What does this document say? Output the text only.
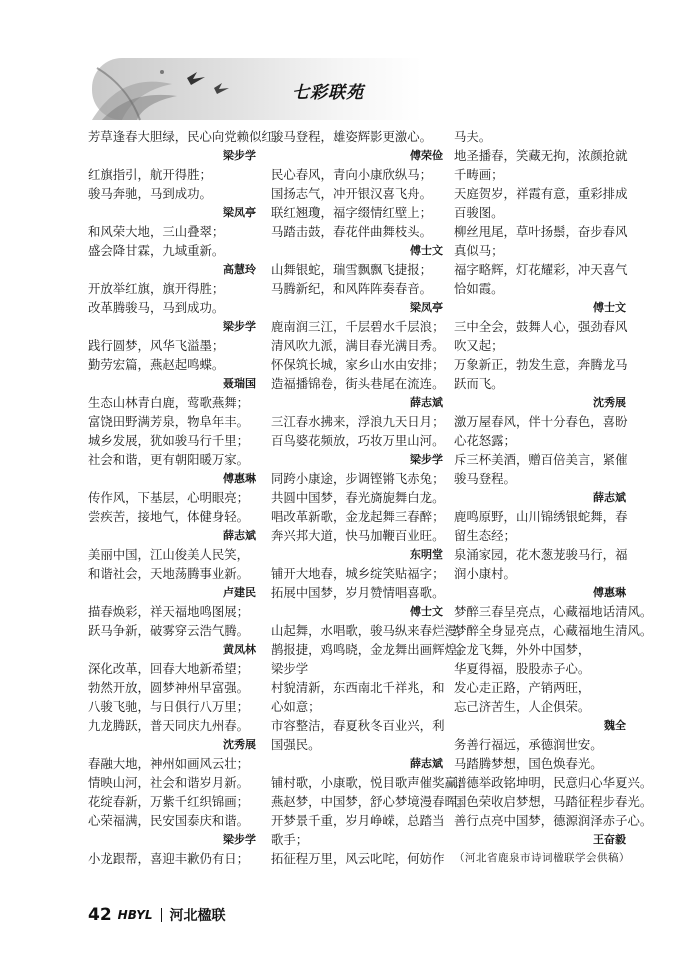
七彩联苑
芳草逢春大胆绿，民心向党赖似红。
梁步学
红旗指引，航开得胜；
骏马奔驰，马到成功。
梁凤亭
和风荣大地，三山叠翠；
盛会降甘霖，九域重新。
高慧玲
开放举红旗，旗开得胜；
改革腾骏马，马到成功。
梁步学
践行圆梦，风华飞溢墨；
勤劳宏篇，燕赵起鸣蝶。
聂瑞国
生态山林青白鹿，莺歌燕舞；
富饶田野满芳泉，物阜年丰。
城乡发展，犹如骏马行千里；
社会和谐，更有朝阳暖万家。
傅惠琳
传作风，下基层，心明眼亮；
尝疾苦，接地气，体健身轻。
薛志斌
美丽中国，江山俊美人民笑，
和谐社会，天地荡腾事业新。
卢建民
描春焕彩，祥天福地鸣图展；
跃马争新，破雾穿云浩气腾。
黄凤林
深化改革，回春大地新希望；
勃然开放，圆梦神州早富强。
八骏飞驰，与日俱行八万里；
九龙腾跃，普天同庆九州春。
沈秀展
春融大地，神州如画风云壮；
情映山河，社会和谐岁月新。
花绽春新，万紫千红织锦画；
心荣福满，民安国泰庆和谐。
梁步学
小龙跟帮，喜迎丰歉仍有日；
骏马登程，雄姿辉影更激心。
傅荣俭
民心春风，青向小康欣纵马；
国扬志气，冲开银汉喜飞舟。
联红翘瓊，福字缀情红壁上；
马踏击鼓，春花伴曲舞枝头。
傅士文
山舞银蛇，瑞雪飘飘飞捷报；
马腾新纪，和风阵阵奏春音。
梁凤亭
鹿南润三江，千层碧水千层浪；
清风吹九派，满目春光满目秀。
怀保筑长城，家乡山水由安排；
造福播锦卷，街头巷尾在流连。
薛志斌
三江春水拂来，浮浪九天日月；
百鸟婆花频放，巧妆万里山河。
梁步学
同跨小康途，步调铿锵飞赤兔；
共圆中国梦，春光旖旎舞白龙。
唱改革新歌，金龙起舞三春醉；
奔兴邦大道，快马加鞭百业旺。
东明堂
铺开大地春，城乡绽笑贴福字；
拓展中国梦，岁月赞情唱喜歌。
傅士文
山起舞，水唱歌，骏马纵来春烂漫，
鹊报捷，鸡鸣晓，金龙舞出画辉煌。
梁步学
村貌清新，东西南北千祥兆，和
心如意；
市容整洁，春夏秋冬百业兴，利
国强民。
薛志斌
铺村歌，小康歌，悦目歌声催奖赢；
燕赵梦，中国梦，舒心梦境漫春晖。
开梦景千重，岁月峥嵘，总踏当
歌手；
拓征程万里，风云叱咤，何妨作
马夫。
地圣播春，笑藏无拘，浓颜抢就
千畴画；
天庭贺岁，祥霞有意，重彩排成
百骏图。
柳丝甩尾，草叶扬鬃，奋步春风
真似马；
福字略辉，灯花耀彩，冲天喜气
恰如霞。
傅士文
三中全会，鼓舞人心，强劲春风
吹又起；
万象新正，勃发生意，奔腾龙马
跃而飞。
沈秀展
激万屋春风，伴十分春色，喜盼
心花怒露；
斥三杯美酒，赠百倍美言，紧催
骏马登程。
薛志斌
鹿鸣原野，山川锦绣银蛇舞，春
留生态经；
泉涌家园，花木葱茏骏马行，福
润小康村。
傅惠琳
梦醉三春呈亮点，心藏福地话清风。
梦醉全身显亮点，心藏福地生清风。
金龙飞舞，外外中国梦，
华夏得福，股股赤子心。
发心走正路，产销两旺，
忘己济苦生，人企俱荣。
魏全
务善行福远，承德润世安。
马踏腾梦想，国色焕春光。
谱德举政铭坤明，民意归心华夏兴。
国色荣收启梦想，马踏征程步春光。
善行点亮中国梦，德源润泽赤子心。
王奋毅
（河北省鹿泉市诗词楹联学会供稿）
42 HBYL 河北楹联
